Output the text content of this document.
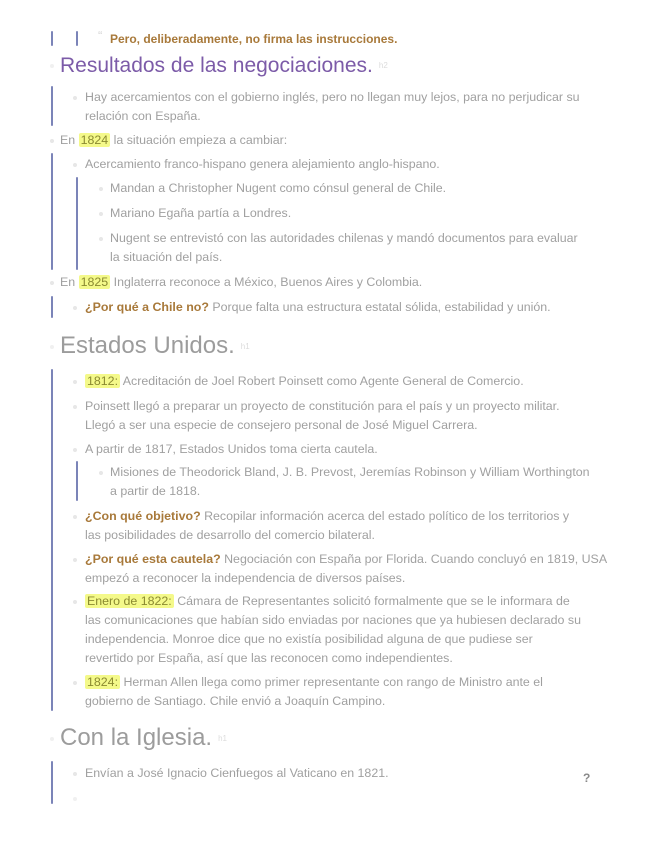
“ Pero, deliberadamente, no firma las instrucciones.
Resultados de las negociaciones. h2
Hay acercamientos con el gobierno inglés, pero no llegan muy lejos, para no perjudicar su
relación con España.
En 1824 la situación empieza a cambiar:
Acercamiento franco-hispano genera alejamiento anglo-hispano.
Mandan a Christopher Nugent como cónsul general de Chile.
Mariano Egaña partía a Londres.
Nugent se entrevistó con las autoridades chilenas y mandó documentos para evaluar
la situación del país.
En 1825 Inglaterra reconoce a México, Buenos Aires y Colombia.
¿Por qué a Chile no? Porque falta una estructura estatal sólida, estabilidad y unión.
Estados Unidos. h1
1812: Acreditación de Joel Robert Poinsett como Agente General de Comercio.
Poinsett llegó a preparar un proyecto de constitución para el país y un proyecto militar.
Llegó a ser una especie de consejero personal de José Miguel Carrera.
A partir de 1817, Estados Unidos toma cierta cautela.
Misiones de Theodorick Bland, J. B. Prevost, Jeremías Robinson y William Worthington
a partir de 1818.
¿Con qué objetivo? Recopilar información acerca del estado político de los territorios y
las posibilidades de desarrollo del comercio bilateral.
¿Por qué esta cautela? Negociación con España por Florida. Cuando concluyó en 1819, USA
empezó a reconocer la independencia de diversos países.
Enero de 1822: Cámara de Representantes solicitó formalmente que se le informara de
las comunicaciones que habían sido enviadas por naciones que ya hubiesen declarado su
independencia. Monroe dice que no existía posibilidad alguna de que pudiese ser
revertido por España, así que las reconocen como independientes.
1824: Herman Allen llega como primer representante con rango de Ministro ante el
gobierno de Santiago. Chile envió a Joaquín Campino.
Con la Iglesia. h1
Envían a José Ignacio Cienfuegos al Vaticano en 1821.	?
